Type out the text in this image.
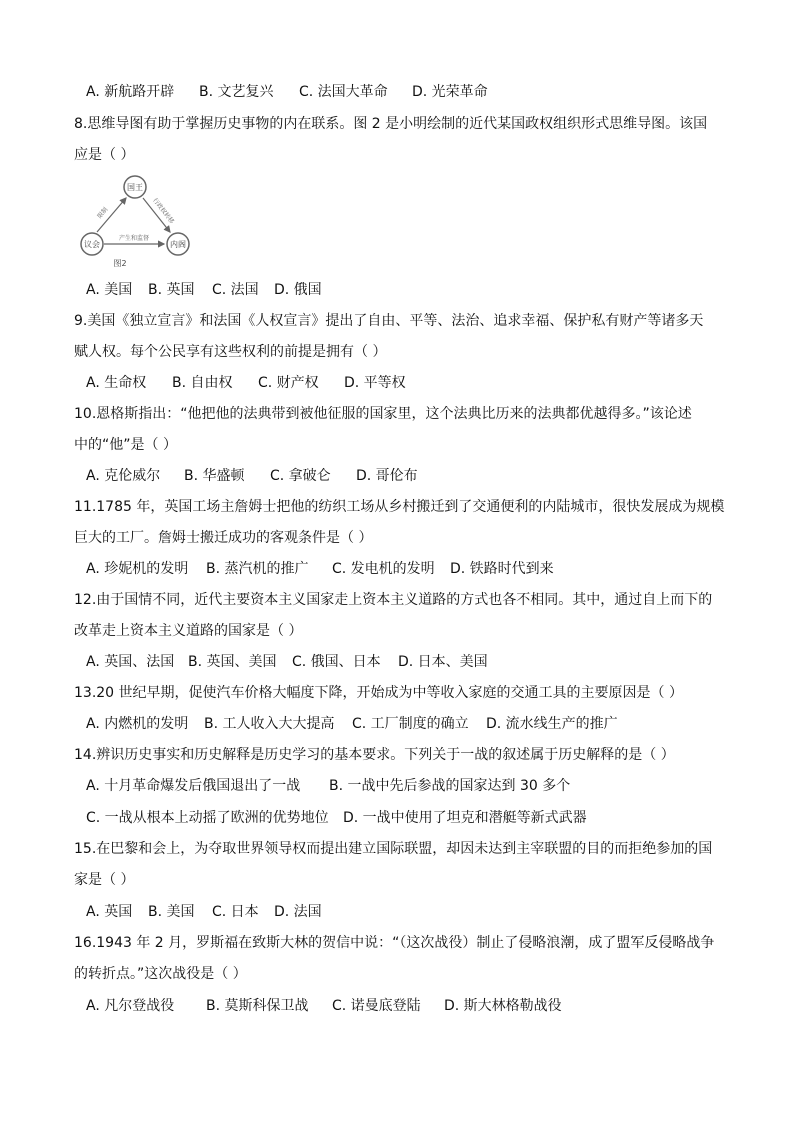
A. 新航路开辟 B. 文艺复兴 C. 法国大革命 D. 光荣革命
8.思维导图有助于掌握历史事物的内在联系。图 2 是小明绘制的近代某国政权组织形式思维导图。该国
应是（ ）
国王
议会	内阁
限制	行政权转移
产生和监督
图2
A. 美国 B. 英国 C. 法国 D. 俄国
9.美国《独立宣言》和法国《人权宣言》提出了自由、平等、法治、追求幸福、保护私有财产等诸多天
赋人权。每个公民享有这些权利的前提是拥有（ ）
A. 生命权 B. 自由权 C. 财产权 D. 平等权
10.恩格斯指出：“他把他的法典带到被他征服的国家里，这个法典比历来的法典都优越得多。”该论述
中的“他”是（ ）
A. 克伦威尔 B. 华盛顿 C. 拿破仑 D. 哥伦布
11.1785 年，英国工场主詹姆士把他的纺织工场从乡村搬迁到了交通便利的内陆城市，很快发展成为规模
巨大的工厂。詹姆士搬迁成功的客观条件是（ ）
A. 珍妮机的发明 B. 蒸汽机的推广 C. 发电机的发明 D. 铁路时代到来
12.由于国情不同，近代主要资本主义国家走上资本主义道路的方式也各不相同。其中，通过自上而下的
改革走上资本主义道路的国家是（ ）
A. 英国、法国 B. 英国、美国 C. 俄国、日本 D. 日本、美国
13.20 世纪早期，促使汽车价格大幅度下降，开始成为中等收入家庭的交通工具的主要原因是（ ）
A. 内燃机的发明 B. 工人收入大大提高 C. 工厂制度的确立 D. 流水线生产的推广
14.辨识历史事实和历史解释是历史学习的基本要求。下列关于一战的叙述属于历史解释的是（ ）
A. 十月革命爆发后俄国退出了一战 B. 一战中先后参战的国家达到 30 多个
C. 一战从根本上动摇了欧洲的优势地位 D. 一战中使用了坦克和潜艇等新式武器
15.在巴黎和会上，为夺取世界领导权而提出建立国际联盟，却因未达到主宰联盟的目的而拒绝参加的国
家是（ ）
A. 英国 B. 美国 C. 日本 D. 法国
16.1943 年 2 月，罗斯福在致斯大林的贺信中说：“（这次战役）制止了侵略浪潮，成了盟军反侵略战争
的转折点。”这次战役是（ ）
A. 凡尔登战役 B. 莫斯科保卫战 C. 诺曼底登陆 D. 斯大林格勒战役
